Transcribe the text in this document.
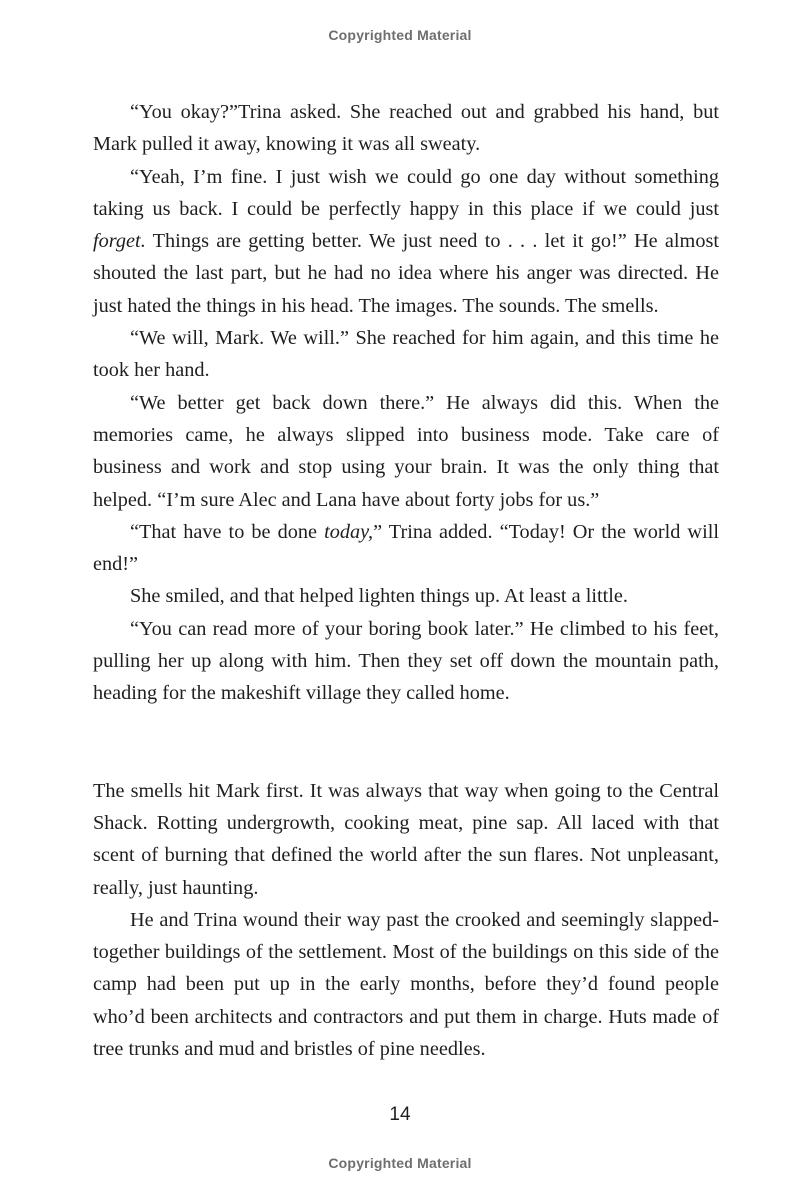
Copyrighted Material

“You okay?”Trina asked. She reached out and grabbed his hand, but Mark pulled it away, knowing it was all sweaty.

“Yeah, I’m fine. I just wish we could go one day without something taking us back. I could be perfectly happy in this place if we could just forget. Things are getting better. We just need to . . . let it go!” He almost shouted the last part, but he had no idea where his anger was directed. He just hated the things in his head. The images. The sounds. The smells.

“We will, Mark. We will.” She reached for him again, and this time he took her hand.

“We better get back down there.” He always did this. When the memories came, he always slipped into business mode. Take care of business and work and stop using your brain. It was the only thing that helped. “I’m sure Alec and Lana have about forty jobs for us.”

“That have to be done today,” Trina added. “Today! Or the world will end!”

She smiled, and that helped lighten things up. At least a little.

“You can read more of your boring book later.” He climbed to his feet, pulling her up along with him. Then they set off down the mountain path, heading for the makeshift village they called home.

The smells hit Mark first. It was always that way when going to the Central Shack. Rotting undergrowth, cooking meat, pine sap. All laced with that scent of burning that defined the world after the sun flares. Not unpleasant, really, just haunting.

He and Trina wound their way past the crooked and seemingly slapped-together buildings of the settlement. Most of the buildings on this side of the camp had been put up in the early months, before they’d found people who’d been architects and contractors and put them in charge. Huts made of tree trunks and mud and bristles of pine needles.

14
Copyrighted Material
